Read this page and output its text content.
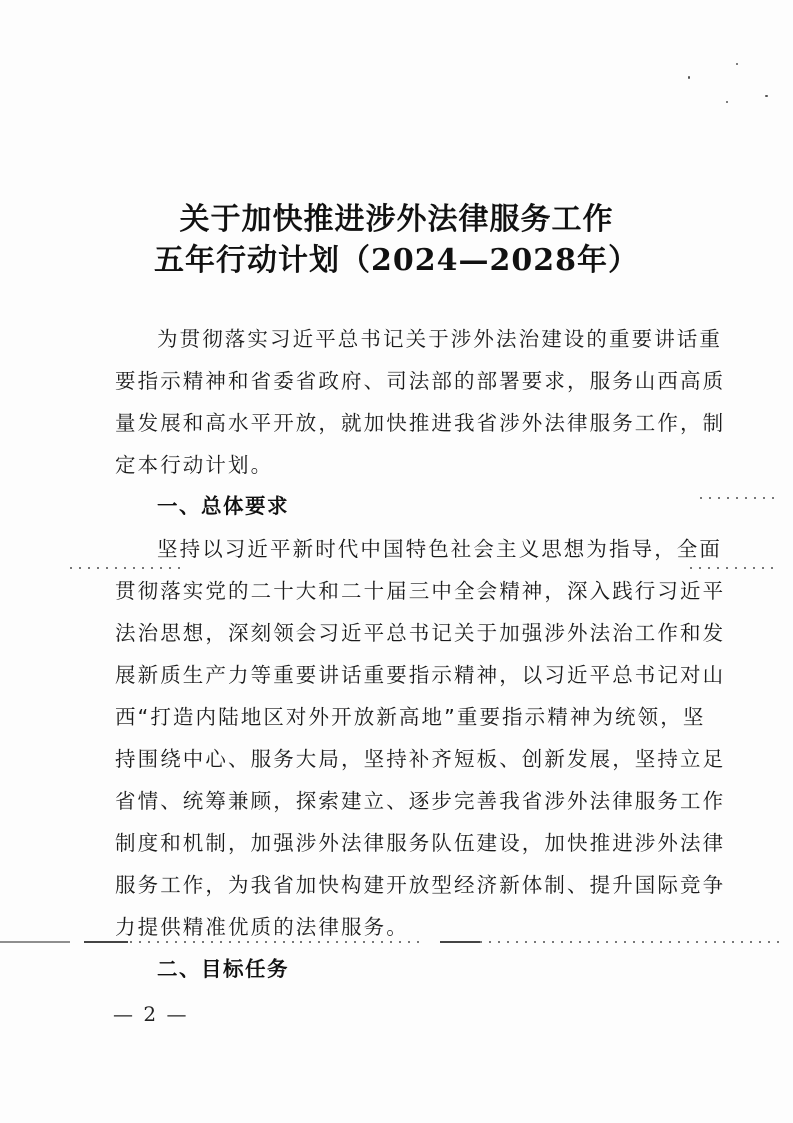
关于加快推进涉外法律服务工作
五年行动计划（2024—2028年）
为贯彻落实习近平总书记关于涉外法治建设的重要讲话重
要指示精神和省委省政府、司法部的部署要求，服务山西高质
量发展和高水平开放，就加快推进我省涉外法律服务工作，制
定本行动计划。
一、总体要求
坚持以习近平新时代中国特色社会主义思想为指导，全面
贯彻落实党的二十大和二十届三中全会精神，深入践行习近平
法治思想，深刻领会习近平总书记关于加强涉外法治工作和发
展新质生产力等重要讲话重要指示精神，以习近平总书记对山
西“打造内陆地区对外开放新高地”重要指示精神为统领，坚
持围绕中心、服务大局，坚持补齐短板、创新发展，坚持立足
省情、统筹兼顾，探索建立、逐步完善我省涉外法律服务工作
制度和机制，加强涉外法律服务队伍建设，加快推进涉外法律
服务工作，为我省加快构建开放型经济新体制、提升国际竞争
力提供精准优质的法律服务。
二、目标任务
— 2 —
